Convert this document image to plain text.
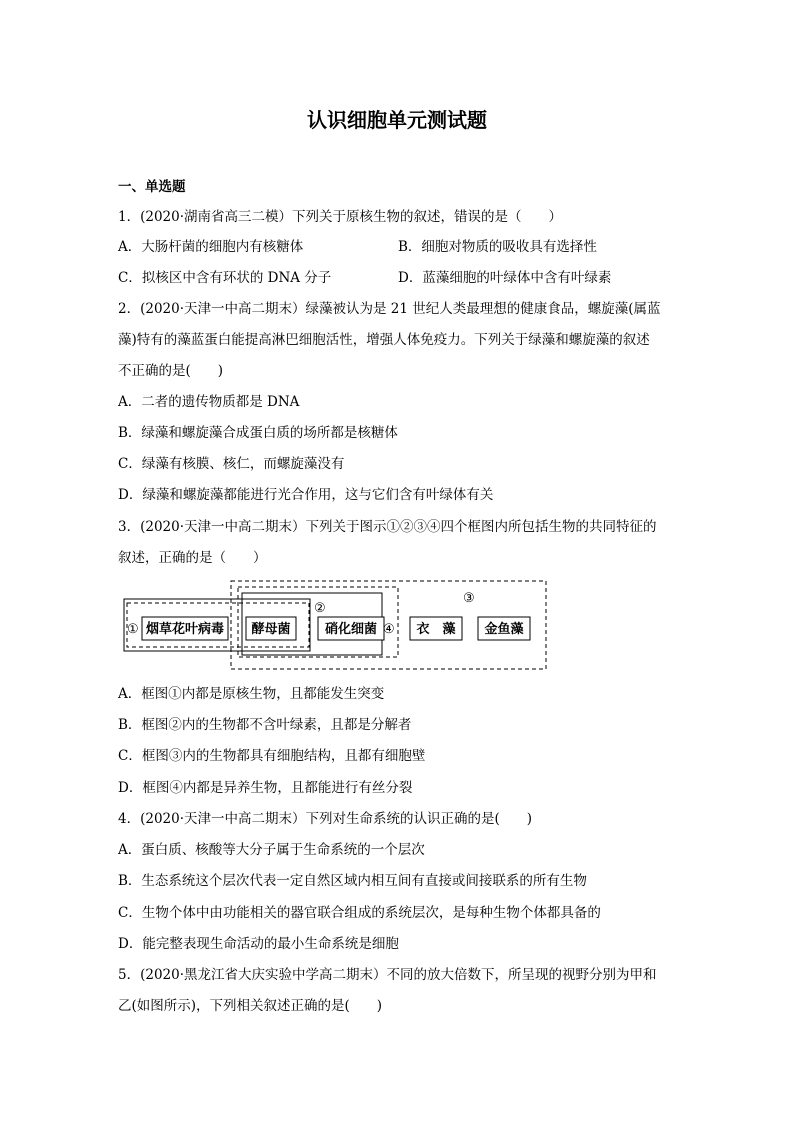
认识细胞单元测试题
一、单选题
1．(2020·湖南省高三二模）下列关于原核生物的叙述，错误的是（　　）
A．大肠杆菌的细胞内有核糖体	B．细胞对物质的吸收具有选择性
C．拟核区中含有环状的 DNA 分子	D．蓝藻细胞的叶绿体中含有叶绿素
2．(2020·天津一中高二期末）绿藻被认为是 21 世纪人类最理想的健康食品，螺旋藻(属蓝
藻)特有的藻蓝蛋白能提高淋巴细胞活性，增强人体免疫力。下列关于绿藻和螺旋藻的叙述
不正确的是(　　)
A．二者的遗传物质都是 DNA
B．绿藻和螺旋藻合成蛋白质的场所都是核糖体
C．绿藻有核膜、核仁，而螺旋藻没有
D．绿藻和螺旋藻都能进行光合作用，这与它们含有叶绿体有关
3．(2020·天津一中高二期末）下列关于图示①②③④四个框图内所包括生物的共同特征的
叙述，正确的是（　　）
烟草花叶病毒 酵母菌	硝化细菌	衣　藻 金鱼藻
①
②
③
④
A．框图①内都是原核生物，且都能发生突变
B．框图②内的生物都不含叶绿素，且都是分解者
C．框图③内的生物都具有细胞结构，且都有细胞壁
D．框图④内都是异养生物，且都能进行有丝分裂
4．(2020·天津一中高二期末）下列对生命系统的认识正确的是(　　)
A．蛋白质、核酸等大分子属于生命系统的一个层次
B．生态系统这个层次代表一定自然区域内相互间有直接或间接联系的所有生物
C．生物个体中由功能相关的器官联合组成的系统层次，是每种生物个体都具备的
D．能完整表现生命活动的最小生命系统是细胞
5．(2020·黑龙江省大庆实验中学高二期末）不同的放大倍数下，所呈现的视野分别为甲和
乙(如图所示)，下列相关叙述正确的是(　　)
